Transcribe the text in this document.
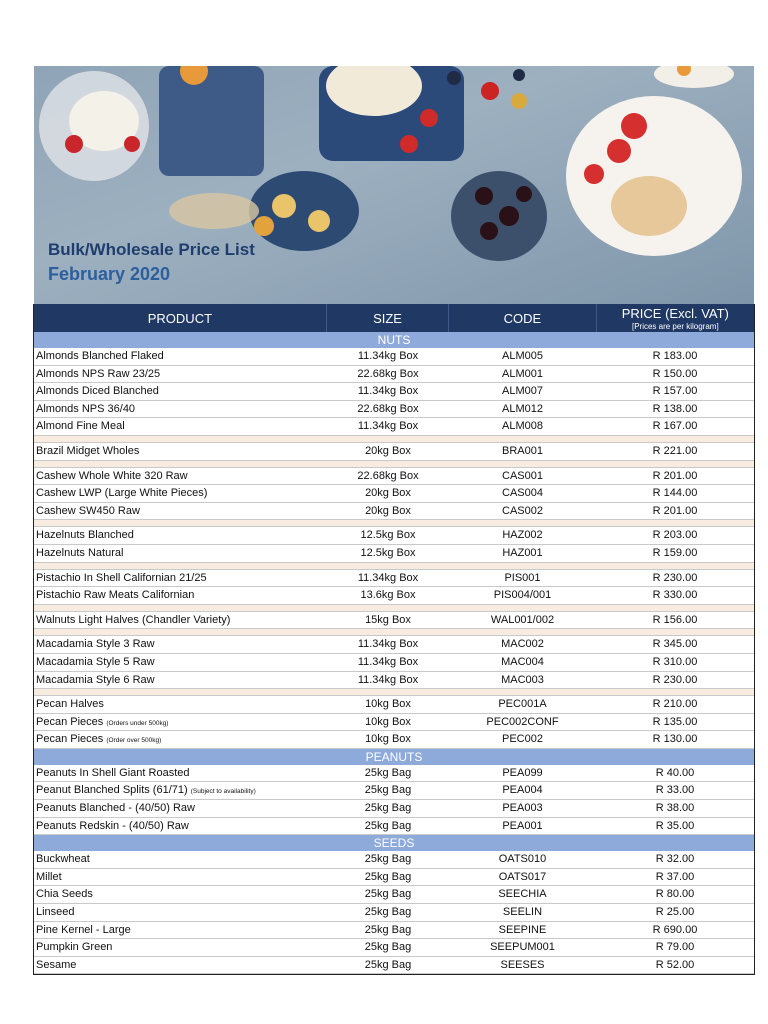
Bulk/Wholesale Price List
February 2020
PRODUCT	SIZE	CODE	PRICE (Excl. VAT)
[Prices are per kilogram]
NUTS
Almonds Blanched Flaked	11.34kg Box	ALM005	R 183.00
Almonds NPS Raw 23/25	22.68kg Box	ALM001	R 150.00
Almonds Diced Blanched	11.34kg Box	ALM007	R 157.00
Almonds NPS 36/40	22.68kg Box	ALM012	R 138.00
Almond Fine Meal	11.34kg Box	ALM008	R 167.00
Brazil Midget Wholes	20kg Box	BRA001	R 221.00
Cashew Whole White 320 Raw	22.68kg Box	CAS001	R 201.00
Cashew LWP (Large White Pieces)	20kg Box	CAS004	R 144.00
Cashew SW450 Raw	20kg Box	CAS002	R 201.00
Hazelnuts Blanched	12.5kg Box	HAZ002	R 203.00
Hazelnuts Natural	12.5kg Box	HAZ001	R 159.00
Pistachio In Shell Californian 21/25	11.34kg Box	PIS001	R 230.00
Pistachio Raw Meats Californian	13.6kg Box	PIS004/001	R 330.00
Walnuts Light Halves (Chandler Variety)	15kg Box	WAL001/002	R 156.00
Macadamia Style 3 Raw	11.34kg Box	MAC002	R 345.00
Macadamia Style 5 Raw	11.34kg Box	MAC004	R 310.00
Macadamia Style 6 Raw	11.34kg Box	MAC003	R 230.00
Pecan Halves	10kg Box	PEC001A	R 210.00
Pecan Pieces (Orders under 500kg)	10kg Box	PEC002CONF	R 135.00
Pecan Pieces (Order over 500kg)	10kg Box	PEC002	R 130.00
PEANUTS
Peanuts In Shell Giant Roasted	25kg Bag	PEA099	R 40.00
Peanut Blanched Splits (61/71) (Subject to availability)	25kg Bag	PEA004	R 33.00
Peanuts Blanched - (40/50) Raw	25kg Bag	PEA003	R 38.00
Peanuts Redskin - (40/50) Raw	25kg Bag	PEA001	R 35.00
SEEDS
Buckwheat	25kg Bag	OATS010	R 32.00
Millet	25kg Bag	OATS017	R 37.00
Chia Seeds	25kg Bag	SEECHIA	R 80.00
Linseed	25kg Bag	SEELIN	R 25.00
Pine Kernel - Large	25kg Bag	SEEPINE	R 690.00
Pumpkin Green	25kg Bag	SEEPUM001	R 79.00
Sesame	25kg Bag	SEESES	R 52.00
